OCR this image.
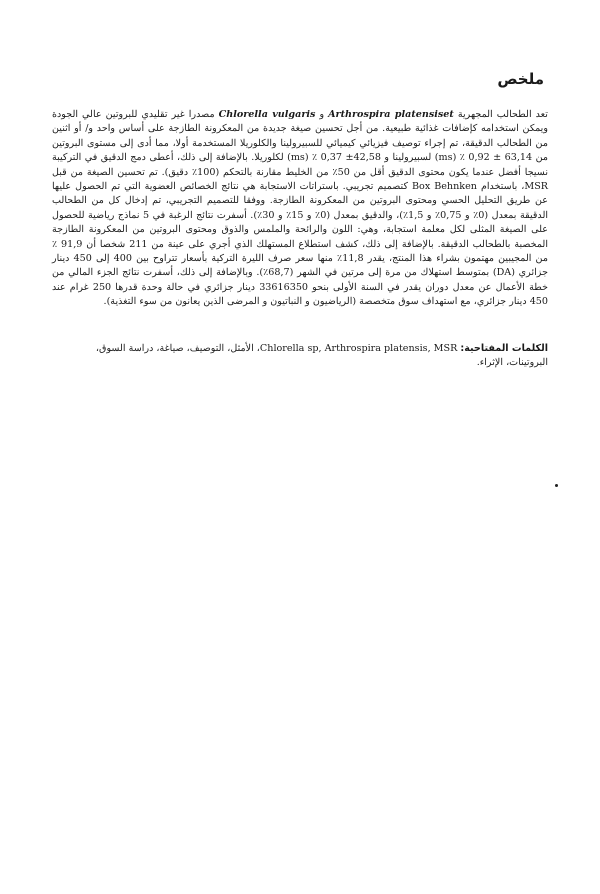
ملخص

تعد الطحالب المجهرية Arthrospira platensiset و Chlorella vulgaris مصدرا غير تقليدي للبروتين عالي الجودة ويمكن استخدامه كإضافات غذائية طبيعية. من أجل تحسين صيغة جديدة من المعكرونة الطازجة على أساس واحد و/ أو اثنين من الطحالب الدقيقة، تم إجراء توصيف فيزيائي كيميائي للسبيرولينا والكلوريلا المستخدمة أولا، مما أدى إلى مستوى البروتين من 63,14 ± 0,92 ٪ (ms) لسبيرولينا و 42,58± 0,37 ٪ (ms) لكلوريلا. بالإضافة إلى ذلك، أعطى دمج الدقيق في التركيبة نسيجا أفضل عندما يكون محتوى الدقيق أقل من 50٪ من الخليط مقارنة بالتحكم (100٪ دقيق). تم تحسين الصيغة من قبل MSR، باستخدام Box Behnken كتصميم تجريبي. باستراتات الاستجابة هي نتائج الخصائص العضوية التي تم الحصول عليها عن طريق التحليل الحسي ومحتوى البروتين من المعكرونة الطازجة. ووفقا للتصميم التجريبي، تم إدخال كل من الطحالب الدقيقة بمعدل (0٪ و 0,75٪ و 1,5٪)، والدقيق بمعدل (0٪ و 15٪ و 30٪). أسفرت نتائج الرغبة في 5 نماذج رياضية للحصول على الصيغة المثلى لكل معلمة استجابة، وهي: اللون والرائحة والملمس والذوق ومحتوى البروتين من المعكرونة الطازجة المخصبة بالطحالب الدقيقة. بالإضافة إلى ذلك، كشف استطلاع المستهلك الذي أجري على عينة من 211 شخصا أن 91,9 ٪ من المجيبين مهتمون بشراء هذا المنتج، يقدر 11,8٪ منها سعر صرف الليرة التركية بأسعار تتراوح بين 400 إلى 450 دينار جزائري (DA) بمتوسط استهلاك من مرة إلى مرتين في الشهر (68,7٪). وبالإضافة إلى ذلك، أسفرت نتائج الجزء المالي من خطة الأعمال عن معدل دوران يقدر في السنة الأولى بنحو 33616350 دينار جزائري في حالة وحدة قدرها 250 غرام عند 450 دينار جزائري، مع استهداف سوق متخصصة (الرياضيون و النباتيون و المرضى الذين يعانون من سوء التغذية).

الكلمات المفتاحية: Chlorella sp, Arthrospira platensis, MSR، الأمثل، التوصيف، صياغة، دراسة السوق، البروتينات، الإثراء.
